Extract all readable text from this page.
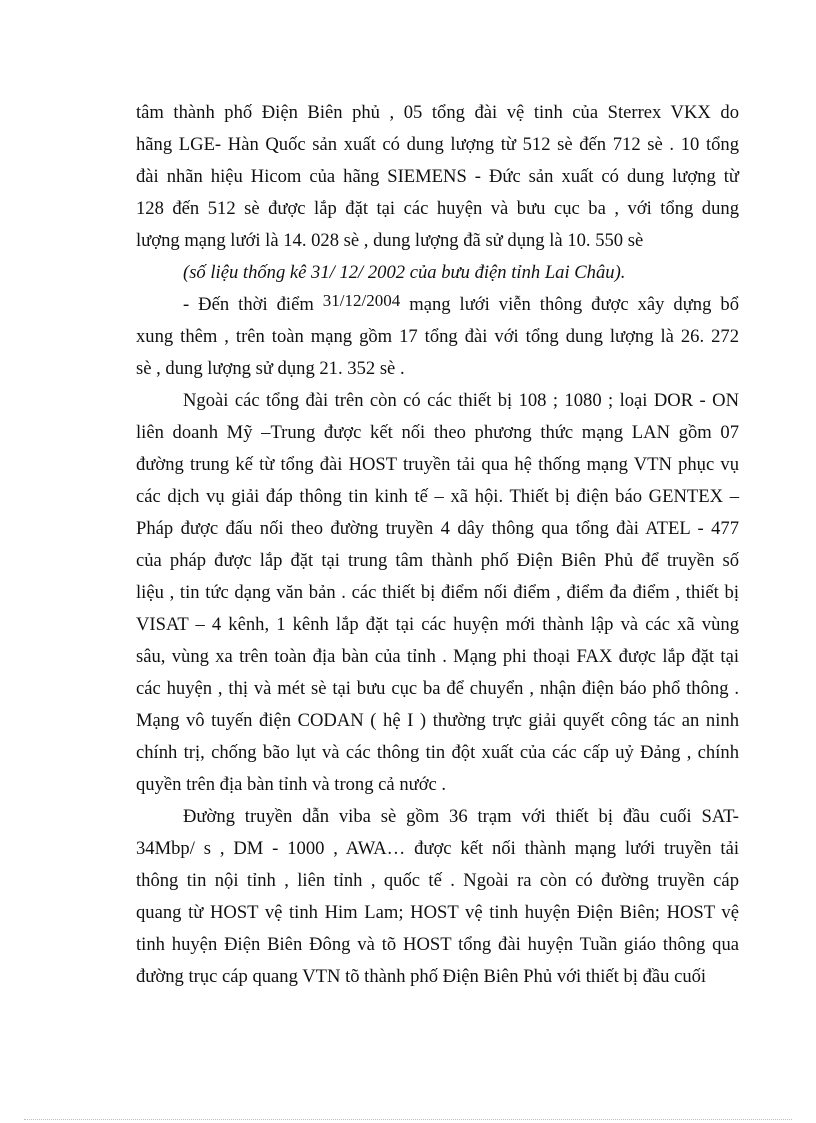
tâm thành phố Điện Biên phủ , 05 tổng đài vệ tinh của Sterrex VKX do
hãng LGE- Hàn Quốc sản xuất có dung lượng từ 512 sè đến 712 sè . 10 tổng
đài nhãn hiệu Hicom của hãng SIEMENS - Đức sản xuất có dung lượng từ
128 đến 512 sè được lắp đặt tại các huyện và bưu cục ba , với tổng dung
lượng mạng lưới là 14. 028 sè , dung lượng đã sử dụng là 10. 550 sè
(số liệu thống kê 31/ 12/ 2002 của bưu điện tỉnh Lai Châu).
- Đến thời điểm 31/12/2004 mạng lưới viễn thông được xây dựng bổ
xung thêm , trên toàn mạng gồm 17 tổng đài với tổng dung lượng là 26. 272
sè , dung lượng sử dụng 21. 352 sè .
Ngoài các tổng đài trên còn có các thiết bị 108 ; 1080 ; loại DOR - ON
liên doanh Mỹ –Trung được kết nối theo phương thức mạng LAN gồm 07
đường trung kế từ tổng đài HOST truyền tải qua hệ thống mạng VTN phục vụ
các dịch vụ giải đáp thông tin kinh tế – xã hội. Thiết bị điện báo GENTEX –
Pháp được đấu nối theo đường truyền 4 dây thông qua tổng đài ATEL - 477
của pháp được lắp đặt tại trung tâm thành phố Điện Biên Phủ để truyền số
liệu , tin tức dạng văn bản . các thiết bị điểm nối điểm , điểm đa điểm , thiết bị
VISAT – 4 kênh, 1 kênh lắp đặt tại các huyện mới thành lập và các xã vùng
sâu, vùng xa trên toàn địa bàn của tỉnh . Mạng phi thoại FAX được lắp đặt tại
các huyện , thị và mét sè tại bưu cục ba để chuyển , nhận điện báo phổ thông .
Mạng vô tuyến điện CODAN ( hệ I ) thường trực giải quyết công tác an ninh
chính trị, chống bão lụt và các thông tin đột xuất của các cấp uỷ Đảng , chính
quyền trên địa bàn tỉnh và trong cả nước .
Đường truyền dẫn viba sè gồm 36 trạm với thiết bị đầu cuối SAT-
34Mbp/ s , DM - 1000 , AWA… được kết nối thành mạng lưới truyền tải
thông tin nội tỉnh , liên tỉnh , quốc tế . Ngoài ra còn có đường truyền cáp
quang từ HOST vệ tinh Him Lam; HOST vệ tinh huyện Điện Biên; HOST vệ
tinh huyện Điện Biên Đông và tõ HOST tổng đài huyện Tuần giáo thông qua
đường trục cáp quang VTN tõ thành phố Điện Biên Phủ với thiết bị đầu cuối
